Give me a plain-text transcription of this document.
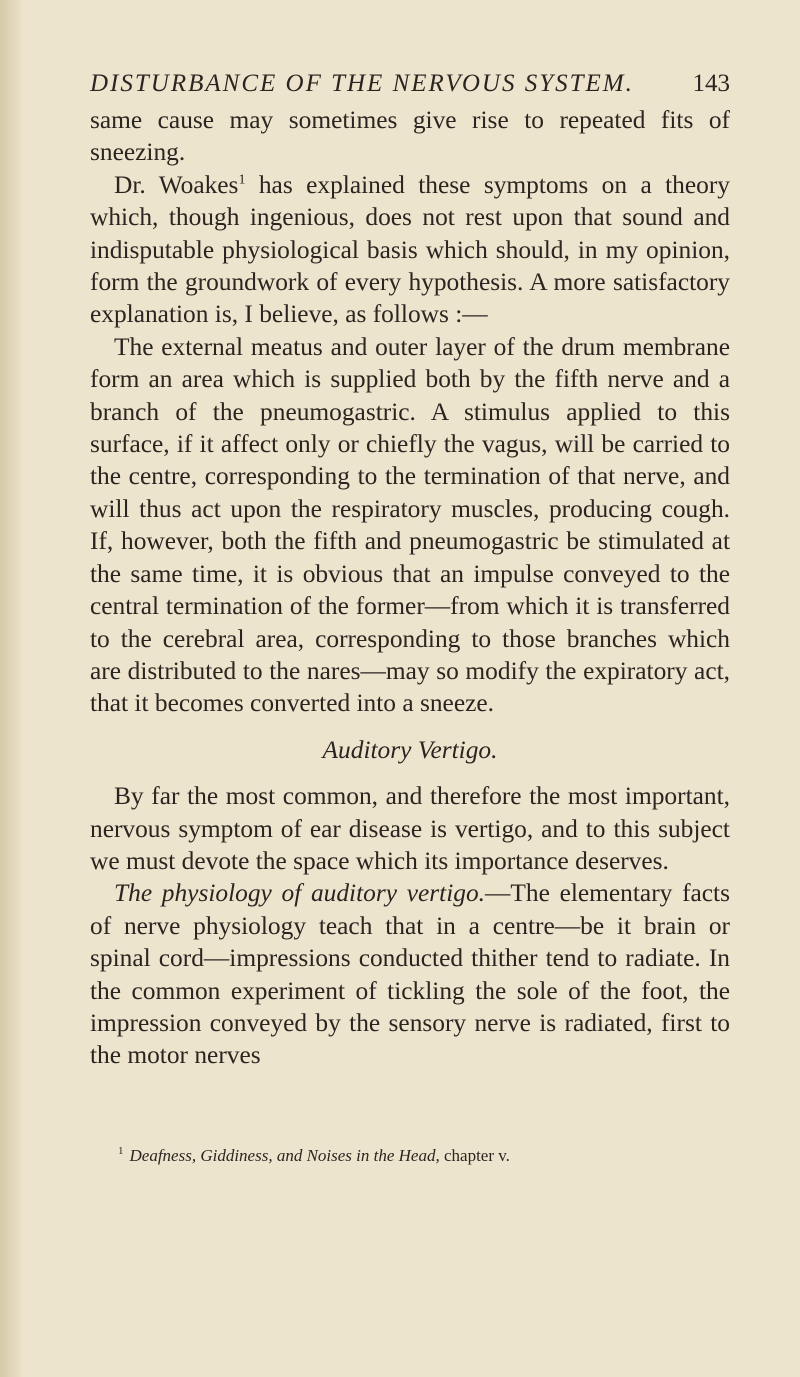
DISTURBANCE OF THE NERVOUS SYSTEM. 143

same cause may sometimes give rise to repeated fits of sneezing.

Dr. Woakes$^1$ has explained these symptoms on a theory which, though ingenious, does not rest upon that sound and indisputable physiological basis which should, in my opinion, form the groundwork of every hypothesis. A more satisfactory explanation is, I believe, as follows :—

The external meatus and outer layer of the drum membrane form an area which is supplied both by the fifth nerve and a branch of the pneumogastric. A stimulus applied to this surface, if it affect only or chiefly the vagus, will be carried to the centre, corresponding to the termination of that nerve, and will thus act upon the respiratory muscles, producing cough. If, however, both the fifth and pneumogastric be stimulated at the same time, it is obvious that an impulse conveyed to the central termination of the former—from which it is transferred to the cerebral area, corresponding to those branches which are distributed to the nares—may so modify the expiratory act, that it becomes converted into a sneeze.

Auditory Vertigo.

By far the most common, and therefore the most important, nervous symptom of ear disease is vertigo, and to this subject we must devote the space which its importance deserves.

The physiology of auditory vertigo.—The elementary facts of nerve physiology teach that in a centre—be it brain or spinal cord—impressions conducted thither tend to radiate. In the common experiment of tickling the sole of the foot, the impression conveyed by the sensory nerve is radiated, first to the motor nerves

$^1$ Deafness, Giddiness, and Noises in the Head, chapter v.
